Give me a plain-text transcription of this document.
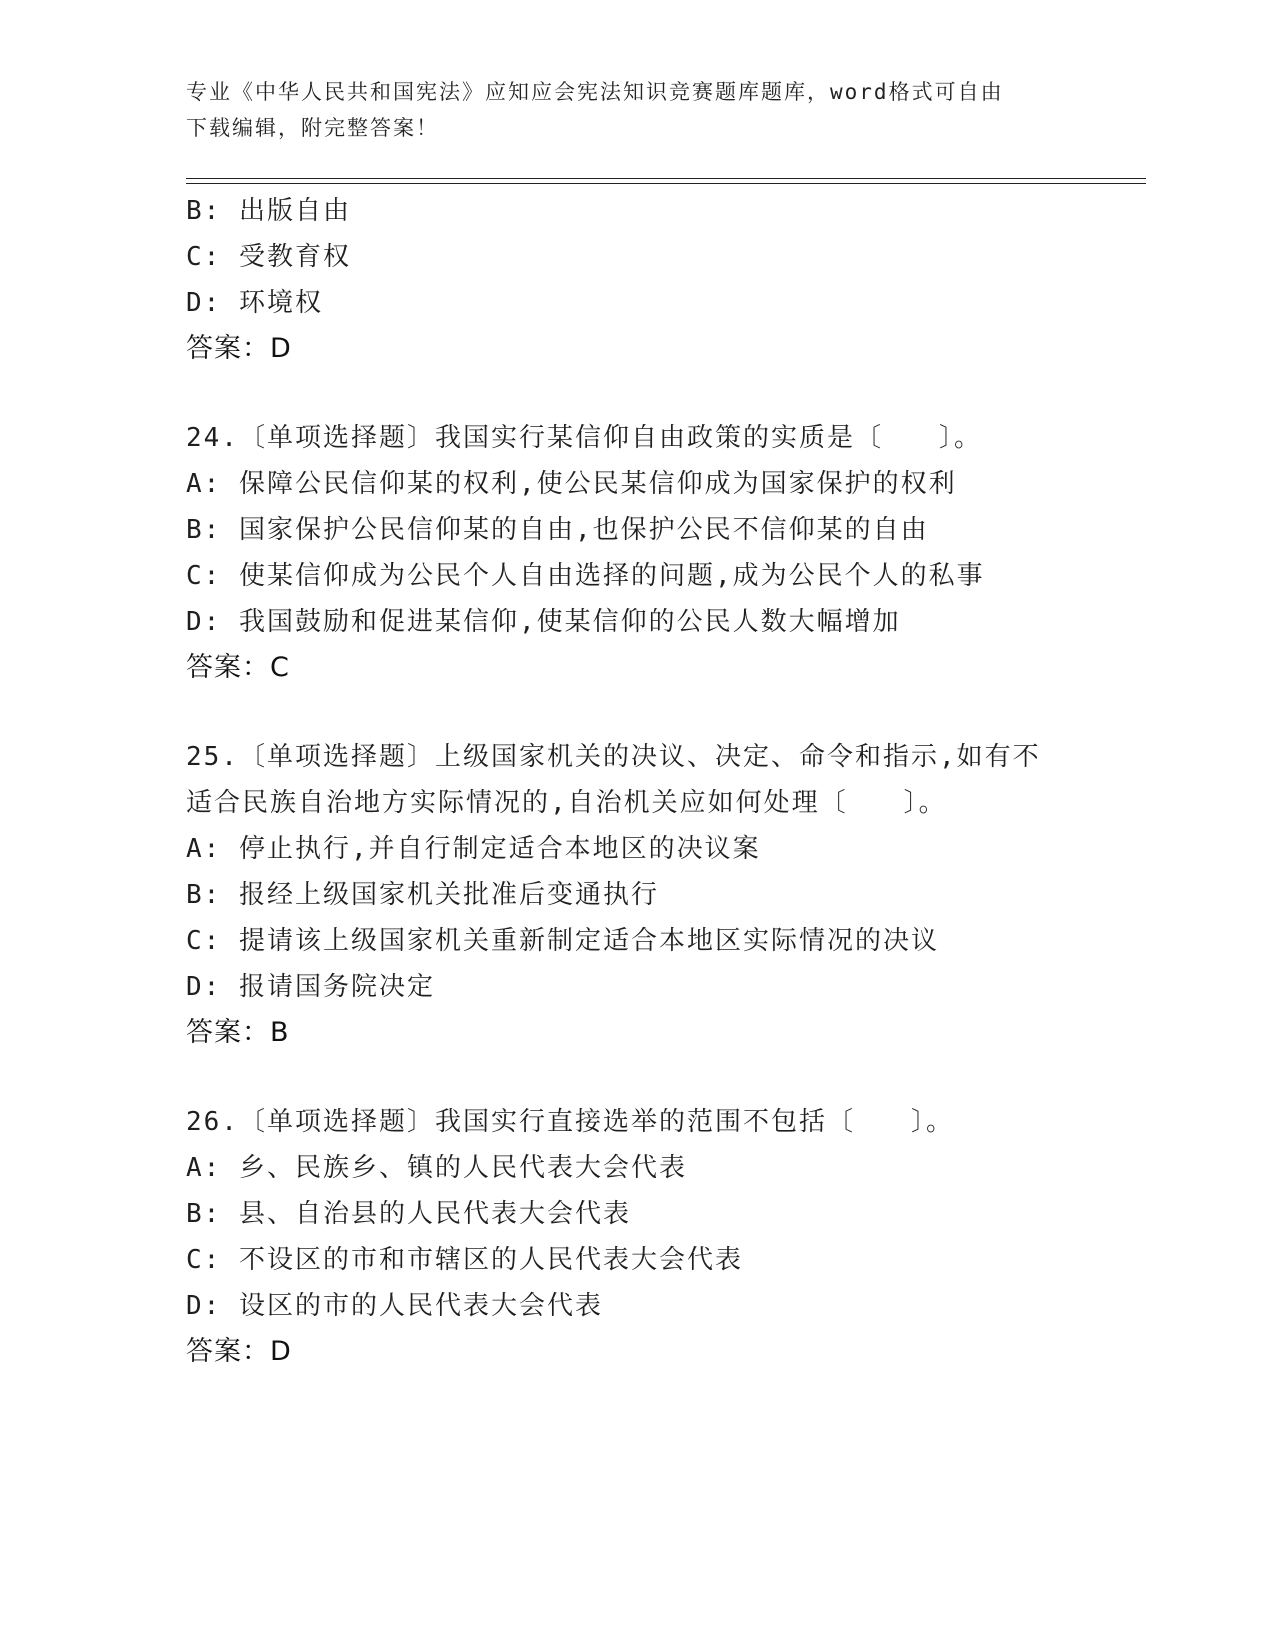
专业《中华人民共和国宪法》应知应会宪法知识竞赛题库题库，word格式可自由
下载编辑，附完整答案！
B: 出版自由
C: 受教育权
D: 环境权
答案：D
24.〔单项选择题〕我国实行某信仰自由政策的实质是〔　　〕。
A: 保障公民信仰某的权利,使公民某信仰成为国家保护的权利
B: 国家保护公民信仰某的自由,也保护公民不信仰某的自由
C: 使某信仰成为公民个人自由选择的问题,成为公民个人的私事
D: 我国鼓励和促进某信仰,使某信仰的公民人数大幅增加
答案：C
25.〔单项选择题〕上级国家机关的决议、决定、命令和指示,如有不
适合民族自治地方实际情况的,自治机关应如何处理〔　　〕。
A: 停止执行,并自行制定适合本地区的决议案
B: 报经上级国家机关批准后变通执行
C: 提请该上级国家机关重新制定适合本地区实际情况的决议
D: 报请国务院决定
答案：B
26.〔单项选择题〕我国实行直接选举的范围不包括〔　　〕。
A: 乡、民族乡、镇的人民代表大会代表
B: 县、自治县的人民代表大会代表
C: 不设区的市和市辖区的人民代表大会代表
D: 设区的市的人民代表大会代表
答案：D
